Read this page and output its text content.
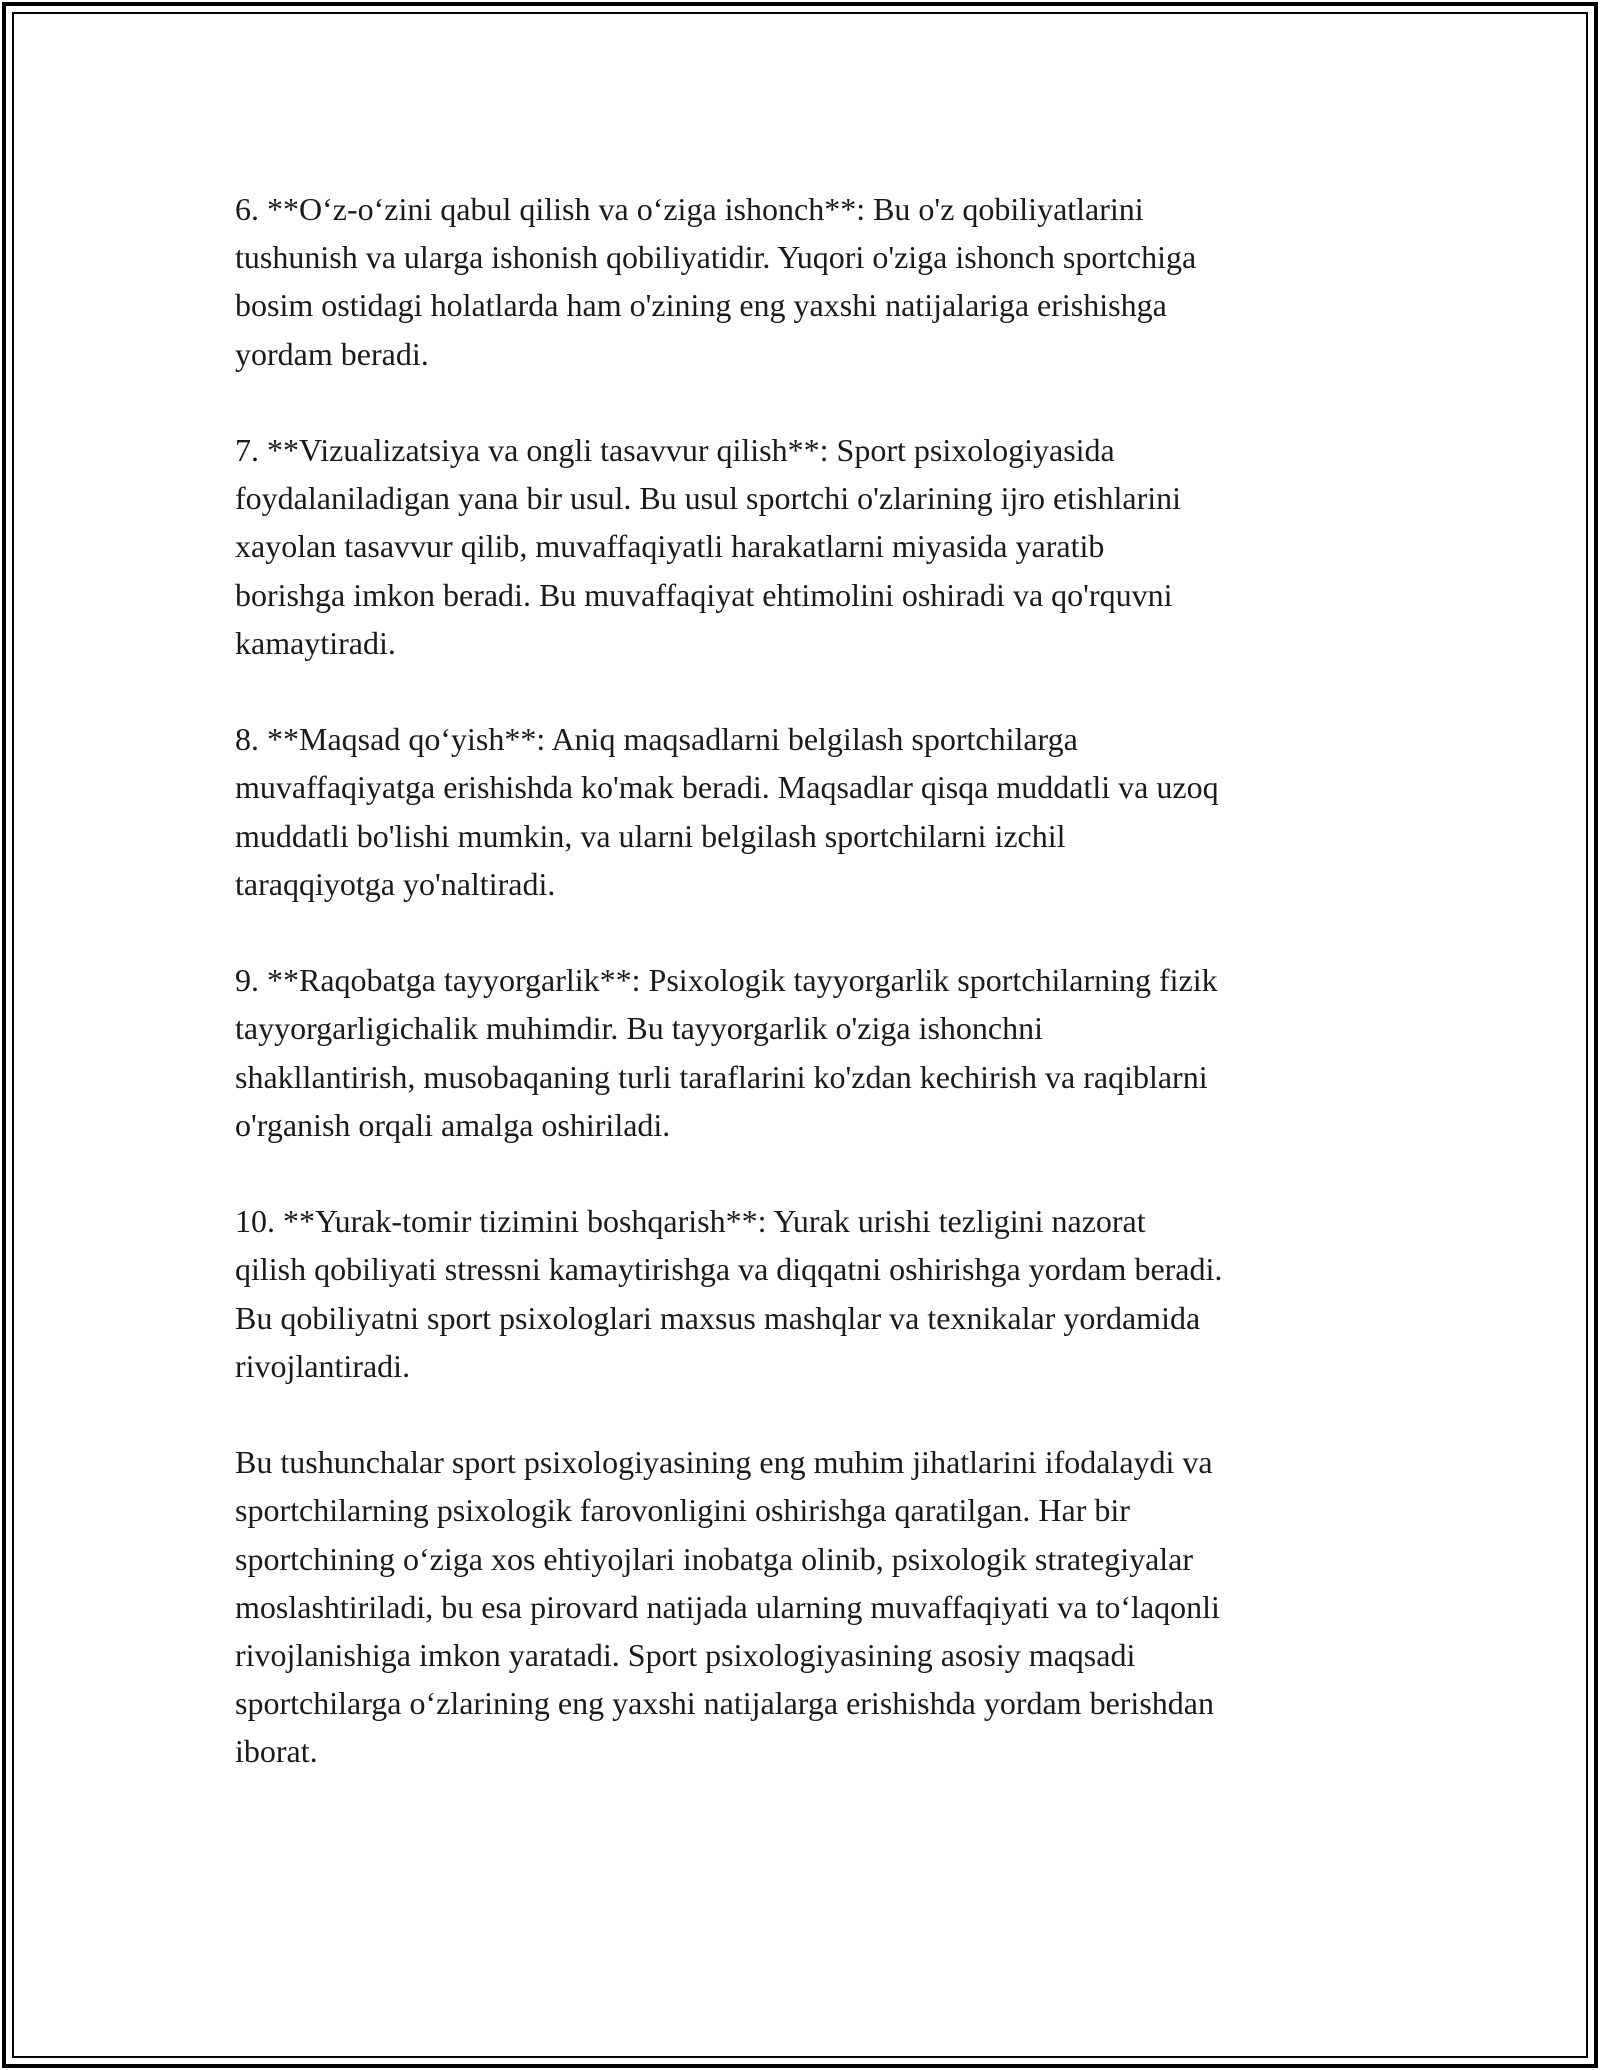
6. **O‘z-o‘zini qabul qilish va o‘ziga ishonch**: Bu o'z qobiliyatlarini
tushunish va ularga ishonish qobiliyatidir. Yuqori o'ziga ishonch sportchiga
bosim ostidagi holatlarda ham o'zining eng yaxshi natijalariga erishishga
yordam beradi.

7. **Vizualizatsiya va ongli tasavvur qilish**: Sport psixologiyasida
foydalaniladigan yana bir usul. Bu usul sportchi o'zlarining ijro etishlarini
xayolan tasavvur qilib, muvaffaqiyatli harakatlarni miyasida yaratib
borishga imkon beradi. Bu muvaffaqiyat ehtimolini oshiradi va qo'rquvni
kamaytiradi.

8. **Maqsad qo‘yish**: Aniq maqsadlarni belgilash sportchilarga
muvaffaqiyatga erishishda ko'mak beradi. Maqsadlar qisqa muddatli va uzoq
muddatli bo'lishi mumkin, va ularni belgilash sportchilarni izchil
taraqqiyotga yo'naltiradi.

9. **Raqobatga tayyorgarlik**: Psixologik tayyorgarlik sportchilarning fizik
tayyorgarligichalik muhimdir. Bu tayyorgarlik o'ziga ishonchni
shakllantirish, musobaqaning turli taraflarini ko'zdan kechirish va raqiblarni
o'rganish orqali amalga oshiriladi.

10. **Yurak-tomir tizimini boshqarish**: Yurak urishi tezligini nazorat
qilish qobiliyati stressni kamaytirishga va diqqatni oshirishga yordam beradi.
Bu qobiliyatni sport psixologlari maxsus mashqlar va texnikalar yordamida
rivojlantiradi.

Bu tushunchalar sport psixologiyasining eng muhim jihatlarini ifodalaydi va
sportchilarning psixologik farovonligini oshirishga qaratilgan. Har bir
sportchining o‘ziga xos ehtiyojlari inobatga olinib, psixologik strategiyalar
moslashtiriladi, bu esa pirovard natijada ularning muvaffaqiyati va to‘laqonli
rivojlanishiga imkon yaratadi. Sport psixologiyasining asosiy maqsadi
sportchilarga o‘zlarining eng yaxshi natijalarga erishishda yordam berishdan
iborat.
